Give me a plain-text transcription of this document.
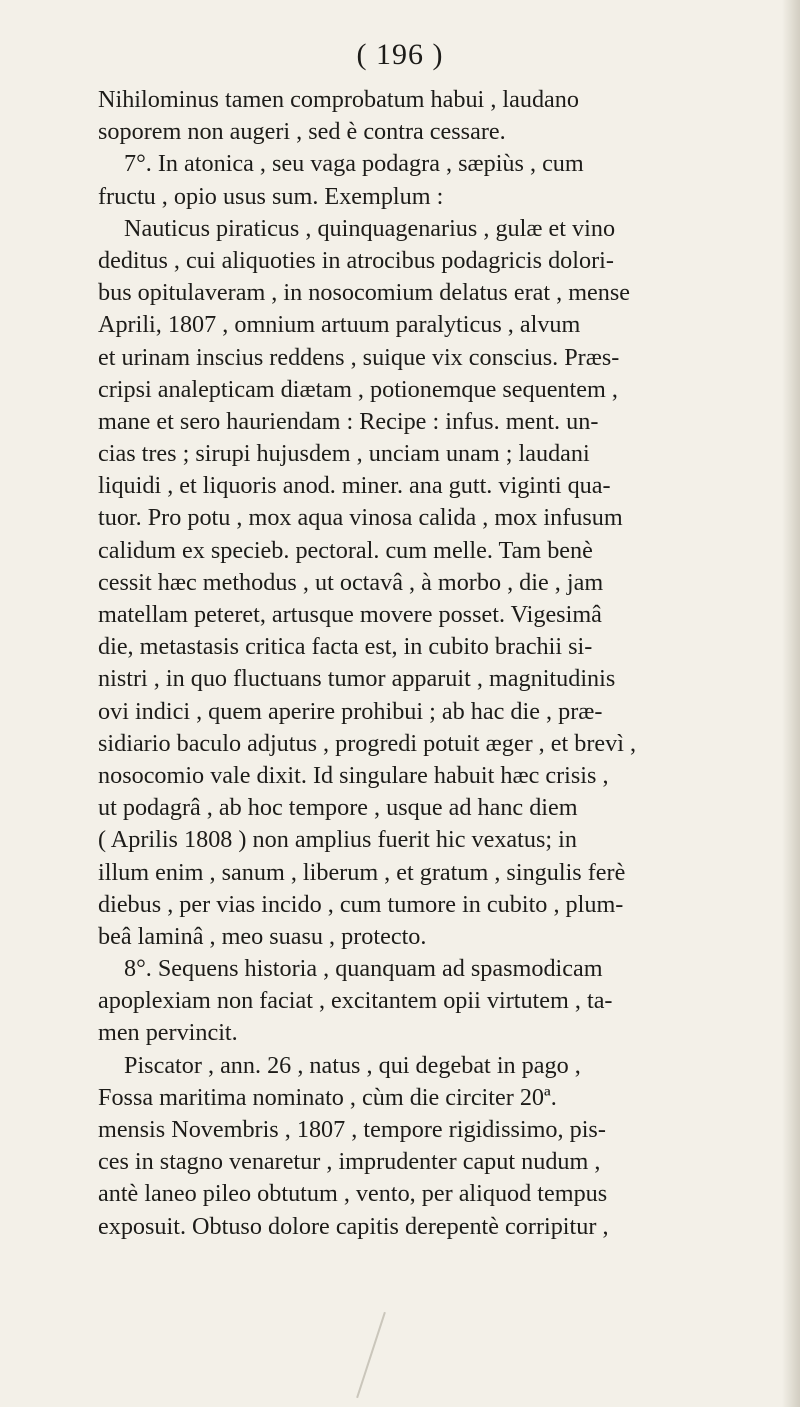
( 196 )
Nihilominus tamen comprobatum habui , laudano
soporem non augeri , sed è contra cessare.
7°. In atonica , seu vaga podagra , sæpiùs , cum
fructu , opio usus sum. Exemplum :
Nauticus piraticus , quinquagenarius , gulæ et vino
deditus , cui aliquoties in atrocibus podagricis dolori-
bus opitulaveram , in nosocomium delatus erat , mense
Aprili, 1807 , omnium artuum paralyticus , alvum
et urinam inscius reddens , suique vix conscius. Præs-
cripsi analepticam diætam , potionemque sequentem ,
mane et sero hauriendam : Recipe : infus. ment. un-
cias tres ; sirupi hujusdem , unciam unam ; laudani
liquidi , et liquoris anod. miner. ana gutt. viginti qua-
tuor. Pro potu , mox aqua vinosa calida , mox infusum
calidum ex specieb. pectoral. cum melle. Tam benè
cessit hæc methodus , ut octavâ , à morbo , die , jam
matellam peteret, artusque movere posset. Vigesimâ
die, metastasis critica facta est, in cubito brachii si-
nistri , in quo fluctuans tumor apparuit , magnitudinis
ovi indici , quem aperire prohibui ; ab hac die , præ-
sidiario baculo adjutus , progredi potuit æger , et brevì ,
nosocomio vale dixit. Id singulare habuit hæc crisis ,
ut podagrâ , ab hoc tempore , usque ad hanc diem
( Aprilis 1808 ) non amplius fuerit hic vexatus; in
illum enim , sanum , liberum , et gratum , singulis ferè
diebus , per vias incido , cum tumore in cubito , plum-
beâ laminâ , meo suasu , protecto.
8°. Sequens historia , quanquam ad spasmodicam
apoplexiam non faciat , excitantem opii virtutem , ta-
men pervincit.
Piscator , ann. 26 , natus , qui degebat in pago ,
Fossa maritima nominato , cùm die circiter 20ª.
mensis Novembris , 1807 , tempore rigidissimo, pis-
ces in stagno venaretur , imprudenter caput nudum ,
antè laneo pileo obtutum , vento, per aliquod tempus
exposuit. Obtuso dolore capitis derepentè corripitur ,
